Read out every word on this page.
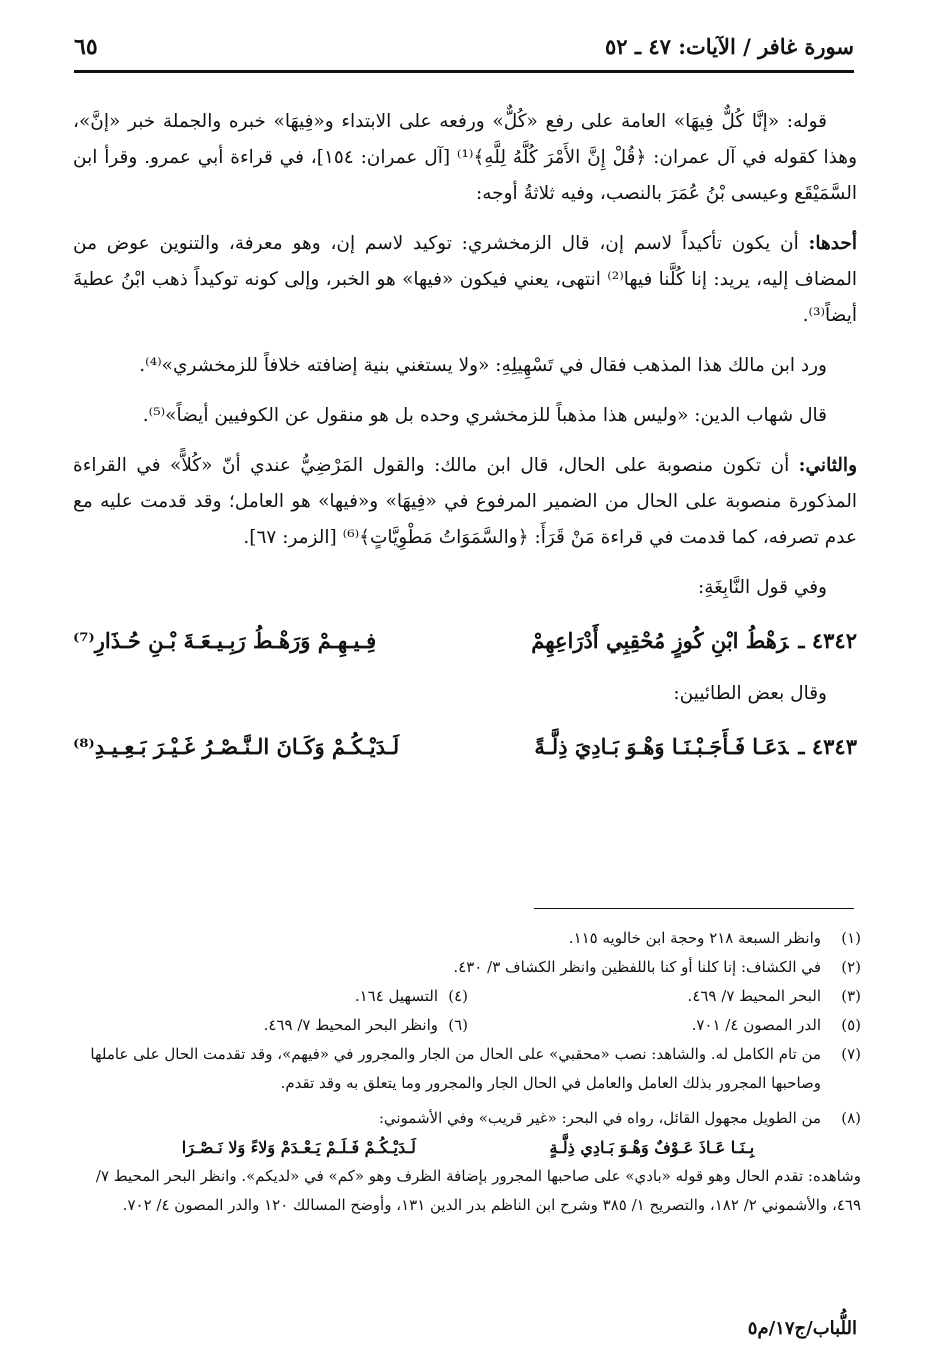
سورة غافر / الآيات: ٤٧ ـ ٥٢
٦٥

قوله: «إنَّا كُلٌّ فِيهَا» العامة على رفع «كُلٌّ» ورفعه على الابتداء و«فِيهَا» خبره والجملة خبر «إنَّ»، وهذا كقوله في آل عمران: ﴿قُلْ إِنَّ الأَمْرَ كُلَّهُ لِلَّهِ﴾⁽¹⁾ [آل عمران: ١٥٤]، في قراءة أبي عمرو. وقرأ ابن السَّمَيْقَع وعيسى بْنُ عُمَرَ بالنصب، وفيه ثلاثةُ أوجه:

أحدها: أن يكون تأكيداً لاسم إن، قال الزمخشري: توكيد لاسم إن، وهو معرفة، والتنوين عوض من المضاف إليه، يريد: إنا كُلَّنا فيها⁽²⁾ انتهى، يعني فيكون «فيها» هو الخبر، وإلى كونه توكيداً ذهب ابْنُ عطيةَ أيضاً⁽³⁾.

ورد ابن مالك هذا المذهب فقال في تَسْهِيلِهِ: «ولا يستغني بنية إضافته خلافاً للزمخشري»⁽⁴⁾.

قال شهاب الدين: «وليس هذا مذهباً للزمخشري وحده بل هو منقول عن الكوفيين أيضاً»⁽⁵⁾.

والثاني: أن تكون منصوبة على الحال، قال ابن مالك: والقول المَرْضِيُّ عندي أنّ «كُلاًّ» في القراءة المذكورة منصوبة على الحال من الضمير المرفوع في «فِيهَا» و«فيها» هو العامل؛ وقد قدمت عليه مع عدم تصرفه، كما قدمت في قراءة مَنْ قَرَأَ: ﴿والسَّمَوَاتُ مَطْوِيَّاتٍ﴾⁽⁶⁾ [الزمر: ٦٧].

وفي قول النَّابِغَةِ:

٤٣٤٢ ـرَهْطُ ابْنِ كُوزٍ مُحْقِبِي أَدْرَاعِهِمْ
فِـيـهِـمْ وَرَهْـطُ رَبِـيـعَـةَ بْـنِ حُـذَارِ⁽⁷⁾

وقال بعض الطائيين:

٤٣٤٣ ـدَعَـا فَـأَجَـبْـنَـا وَهْـوَ بَـادِيَ ذِلَّـةً
لَـدَيْـكُـمْ وَكَـانَ الـنَّـصْـرُ غَـيْـرَ بَـعِـيـدِ⁽⁸⁾
(١)
وانظر السبعة ٢١٨ وحجة ابن خالويه ١١٥.
(٢)
في الكشاف: إنا كلنا أو كنا باللفظين وانظر الكشاف ٣/ ٤٣٠.
(٣)
البحر المحيط ٧/ ٤٦٩.
(٤)
التسهيل ١٦٤.
(٥)
الدر المصون ٤/ ٧٠١.
(٦)
وانظر البحر المحيط ٧/ ٤٦٩.
(٧)
من تام الكامل له. والشاهد: نصب «محقبي» على الحال من الجار والمجرور في «فيهم»، وقد تقدمت الحال على عاملها وصاحبها المجرور بذلك العامل والعامل في الحال الجار والمجرور وما يتعلق به وقد تقدم.
(٨)
من الطويل مجهول القائل، رواه في البحر: «غير قريب» وفي الأشموني:
بِـنَـا عَـاذَ عَـوْفٌ وَهْـوَ بَـادِي ذِلَّـةٍ
لَـدَيْـكُـمْ فَـلَـمْ يَـعْـدَمْ وَلاءً وَلا نَـصْـرَا
وشاهده: تقدم الحال وهو قوله «بادي» على صاحبها المجرور بإضافة الظرف وهو «كم» في «لديكم». وانظر البحر المحيط ٧/ ٤٦٩، والأشموني ٢/ ١٨٢، والتصريح ١/ ٣٨٥ وشرح ابن الناظم بدر الدين ١٣١، وأوضح المسالك ١٢٠ والدر المصون ٤/ ٧٠٢.
اللُّباب/ج١٧/م٥
